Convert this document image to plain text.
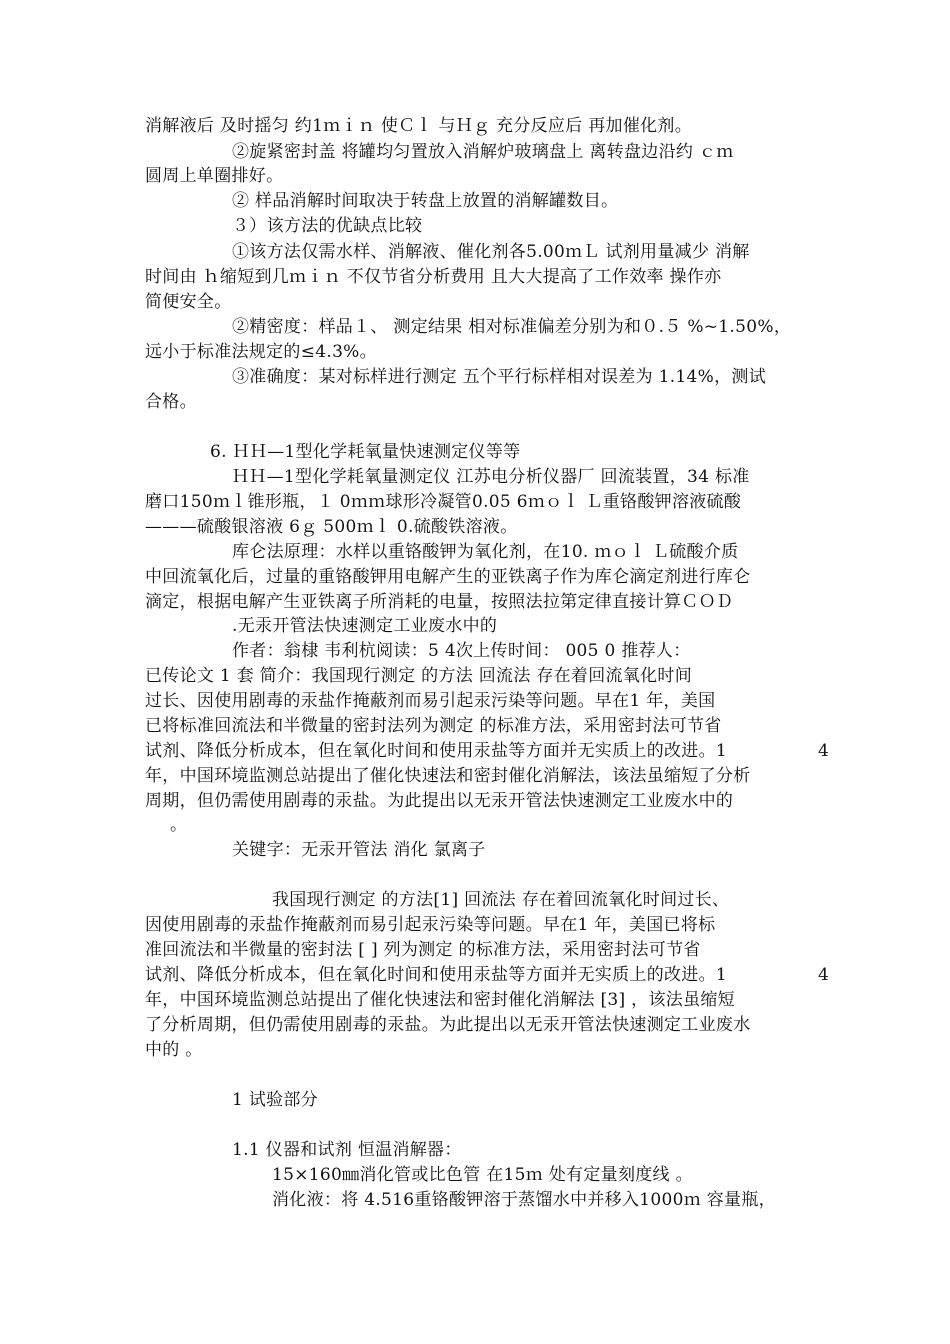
消解液后 及时摇匀 约1ｍｉｎ 使Ｃｌ 与Ｈｇ 充分反应后 再加催化剂。
②旋紧密封盖 将罐均匀置放入消解炉玻璃盘上 离转盘边沿约 ｃｍ
圆周上单圈排好。
② 样品消解时间取决于转盘上放置的消解罐数目。
３）该方法的优缺点比较
①该方法仅需水样、消解液、催化剂各5.00ｍＬ 试剂用量减少 消解
时间由 ｈ缩短到几ｍｉｎ 不仅节省分析费用 且大大提高了工作效率 操作亦
简便安全。
②精密度：样品１、 测定结果 相对标准偏差分别为和０.５ %~1.50%，
远小于标准法规定的≤4.3%。
③准确度：某对标样进行测定 五个平行标样相对误差为 1.14%，测试
合格。
6. ＨＨ—1型化学耗氧量快速测定仪等等
ＨＨ—1型化学耗氧量测定仪 江苏电分析仪器厂 回流装置，34 标准
磨口150ｍｌ锥形瓶，１ 0ｍｍ球形冷凝管0.05 6ｍｏｌ Ｌ重铬酸钾溶液硫酸
———硫酸银溶液 6ｇ 500ｍｌ 0.硫酸铁溶液。
库仑法原理：水样以重铬酸钾为氧化剂，在10. ｍｏｌ Ｌ硫酸介质
中回流氧化后，过量的重铬酸钾用电解产生的亚铁离子作为库仑滴定剂进行库仑
滴定，根据电解产生亚铁离子所消耗的电量，按照法拉第定律直接计算ＣＯＤ
.无汞开管法快速测定工业废水中的
作者：翁棣 韦利杭阅读：5 4次上传时间： 005 0 推荐人：
已传论文 1 套 简介：我国现行测定 的方法 回流法 存在着回流氧化时间
过长、因使用剧毒的汞盐作掩蔽剂而易引起汞污染等问题。早在1 年，美国
已将标准回流法和半微量的密封法列为测定 的标准方法，采用密封法可节省
试剂、降低分析成本，但在氧化时间和使用汞盐等方面并无实质上的改进。1	4
年，中国环境监测总站提出了催化快速法和密封催化消解法，该法虽缩短了分析
周期，但仍需使用剧毒的汞盐。为此提出以无汞开管法快速测定工业废水中的
。
关键字：无汞开管法 消化 氯离子
我国现行测定 的方法[1] 回流法 存在着回流氧化时间过长、
因使用剧毒的汞盐作掩蔽剂而易引起汞污染等问题。早在1 年，美国已将标
准回流法和半微量的密封法 [ ] 列为测定 的标准方法，采用密封法可节省
试剂、降低分析成本，但在氧化时间和使用汞盐等方面并无实质上的改进。1	4
年，中国环境监测总站提出了催化快速法和密封催化消解法 [3] ，该法虽缩短
了分析周期，但仍需使用剧毒的汞盐。为此提出以无汞开管法快速测定工业废水
中的 。
1 试验部分
1.1 仪器和试剂 恒温消解器：
15×160㎜消化管或比色管 在15ｍ 处有定量刻度线 。
消化液：将 4.516重铬酸钾溶于蒸馏水中并移入1000ｍ 容量瓶，
